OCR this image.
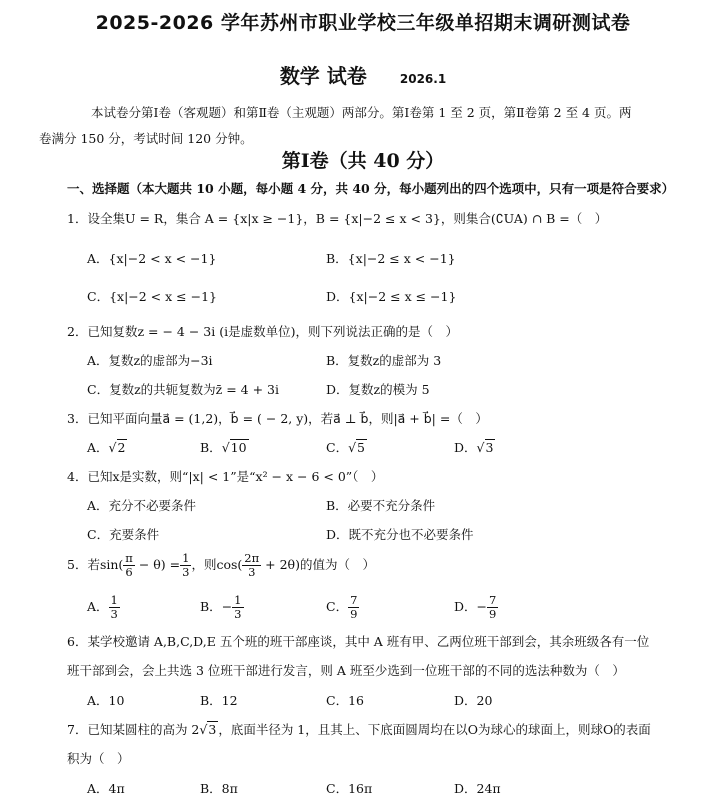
2025-2026 学年苏州市职业学校三年级单招期末调研测试卷
数学 试卷	2026.1
本试卷分第Ⅰ卷（客观题）和第Ⅱ卷（主观题）两部分。第Ⅰ卷第 1 至 2 页，第Ⅱ卷第 2 至 4 页。两
卷满分 150 分，考试时间 120 分钟。
第Ⅰ卷（共 40 分）
一、选择题（本大题共 10 小题，每小题 4 分，共 40 分，每小题列出的四个选项中，只有一项是符合要求）
1．设全集U = R，集合 A = {x|x ≥ −1}，B = {x|−2 ≤ x < 3}，则集合(∁UA) ∩ B =（　）
A．{x|−2 < x < −1}	B．{x|−2 ≤ x < −1}
C．{x|−2 < x ≤ −1}	D．{x|−2 ≤ x ≤ −1}
2．已知复数z = − 4 − 3i (i是虚数单位)，则下列说法正确的是（　）
A．复数z的虚部为−3i	B．复数z的虚部为 3
C．复数z的共轭复数为z̄ = 4 + 3i	D．复数z的模为 5
3．已知平面向量a⃗ = (1,2)，b⃗ = ( − 2, y)，若a⃗ ⊥ b⃗，则|a⃗ + b⃗| =（　）
A．√2	B．√10	C．√5	D．√3
4．已知x是实数，则“|x| < 1”是“x² − x − 6 < 0”（　）
A．充分不必要条件	B．必要不充分条件
C．充要条件	D．既不充分也不必要条件
5．若$\sin( \frac{\pi}{6} - \theta) = \frac{1}{3}$ ，则$\cos( \frac{2\pi}{3} + 2\theta)$的值为（　）
A． $\frac{1}{3}$	B．− $\frac{1}{3}$	C． $\frac{7}{9}$	D．− $\frac{7}{9}$
6．某学校邀请 A,B,C,D,E 五个班的班干部座谈，其中 A 班有甲、乙两位班干部到会，其余班级各有一位
班干部到会，会上共选 3 位班干部进行发言，则 A 班至少选到一位班干部的不同的选法种数为（　）
A．10	B．12	C．16	D．20
7．已知某圆柱的高为 2√3 ，底面半径为 1，且其上、下底面圆周均在以O为球心的球面上，则球O的表面
积为（　）
A．4π	B．8π	C．16π	D．24π
